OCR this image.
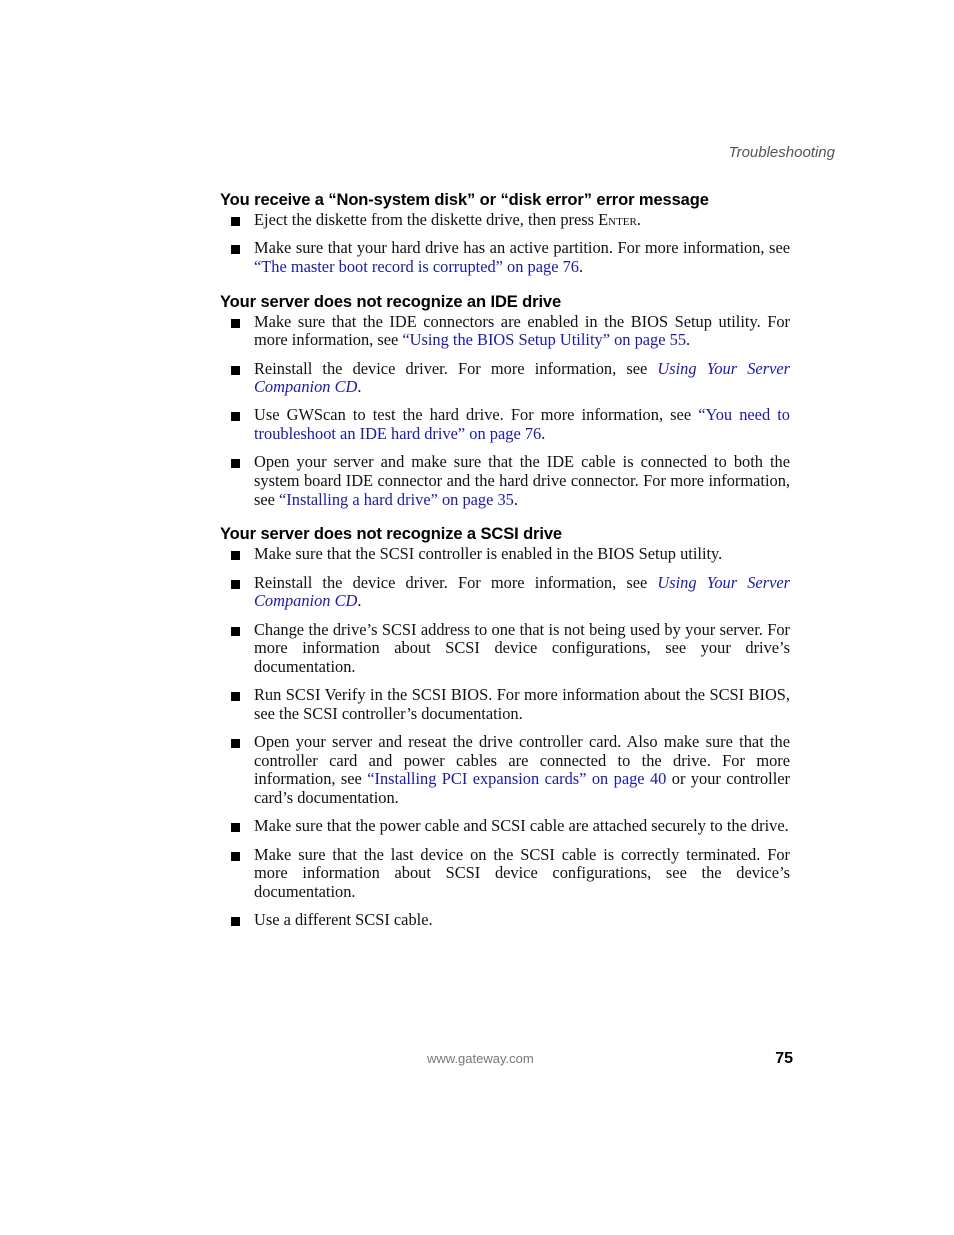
Troubleshooting
You receive a “Non-system disk” or “disk error” error message
Eject the diskette from the diskette drive, then press Enter.
Make sure that your hard drive has an active partition. For more information, see “The master boot record is corrupted” on page 76.
Your server does not recognize an IDE drive
Make sure that the IDE connectors are enabled in the BIOS Setup utility. For more information, see “Using the BIOS Setup Utility” on page 55.
Reinstall the device driver. For more information, see Using Your Server Companion CD.
Use GWScan to test the hard drive. For more information, see “You need to troubleshoot an IDE hard drive” on page 76.
Open your server and make sure that the IDE cable is connected to both the system board IDE connector and the hard drive connector. For more information, see “Installing a hard drive” on page 35.
Your server does not recognize a SCSI drive
Make sure that the SCSI controller is enabled in the BIOS Setup utility.
Reinstall the device driver. For more information, see Using Your Server Companion CD.
Change the drive’s SCSI address to one that is not being used by your server. For more information about SCSI device configurations, see your drive’s documentation.
Run SCSI Verify in the SCSI BIOS. For more information about the SCSI BIOS, see the SCSI controller’s documentation.
Open your server and reseat the drive controller card. Also make sure that the controller card and power cables are connected to the drive. For more information, see “Installing PCI expansion cards” on page 40 or your controller card’s documentation.
Make sure that the power cable and SCSI cable are attached securely to the drive.
Make sure that the last device on the SCSI cable is correctly terminated. For more information about SCSI device configurations, see the device’s documentation.
Use a different SCSI cable.
www.gateway.com	75
